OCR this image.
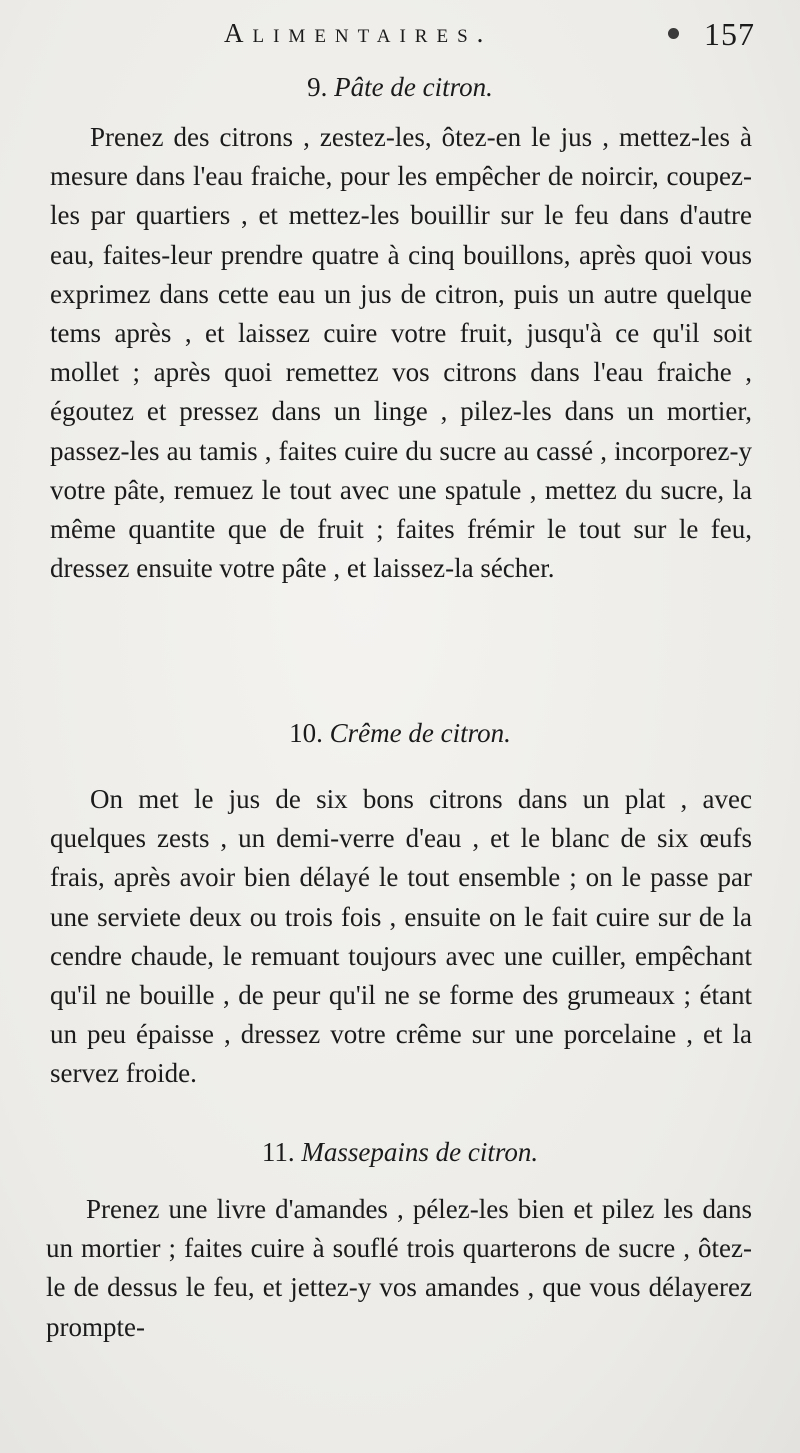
Alimentaires.	157
9. Pâte de citron.
Prenez des citrons , zestez-les, ôtez-en le jus , mettez-les à mesure dans l'eau fraiche, pour les empêcher de noircir, coupez-les par quartiers , et mettez-les bouillir sur le feu dans d'autre eau, faites-leur prendre quatre à cinq bouillons, après quoi vous exprimez dans cette eau un jus de citron, puis un autre quelque tems après , et laissez cuire votre fruit, jusqu'à ce qu'il soit mollet ; après quoi remettez vos citrons dans l'eau fraiche , égoutez et pressez dans un linge , pilez-les dans un mortier, passez-les au tamis , faites cuire du sucre au cassé , incorporez-y votre pâte, remuez le tout avec une spatule , mettez du sucre, la même quantite que de fruit ; faites frémir le tout sur le feu, dressez ensuite votre pâte , et laissez-la sécher.
10. Crême de citron.
On met le jus de six bons citrons dans un plat , avec quelques zests , un demi-verre d'eau , et le blanc de six œufs frais, après avoir bien délayé le tout ensemble ; on le passe par une serviete deux ou trois fois , ensuite on le fait cuire sur de la cendre chaude, le remuant toujours avec une cuiller, empêchant qu'il ne bouille , de peur qu'il ne se forme des grumeaux ; étant un peu épaisse , dressez votre crême sur une porcelaine , et la servez froide.
11. Massepains de citron.
Prenez une livre d'amandes , pélez-les bien et pilez les dans un mortier ; faites cuire à souflé trois quarterons de sucre , ôtez-le de dessus le feu, et jettez-y vos amandes , que vous délayerez prompte-
